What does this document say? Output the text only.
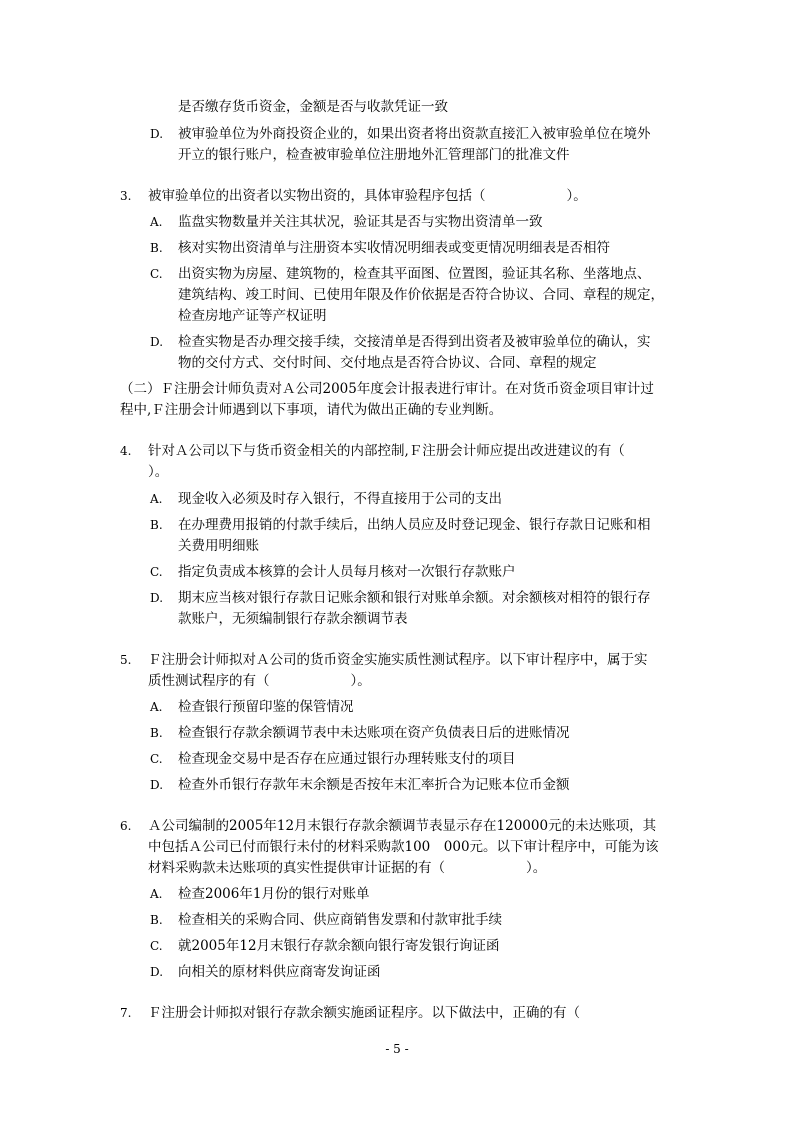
是否缴存货币资金，金额是否与收款凭证一致
D. 被审验单位为外商投资企业的，如果出资者将出资款直接汇入被审验单位在境外
开立的银行账户，检查被审验单位注册地外汇管理部门的批准文件
3. 被审验单位的出资者以实物出资的，具体审验程序包括（　　　　　　）。
A. 监盘实物数量并关注其状况，验证其是否与实物出资清单一致
B. 核对实物出资清单与注册资本实收情况明细表或变更情况明细表是否相符
C. 出资实物为房屋、建筑物的，检查其平面图、位置图，验证其名称、坐落地点、
建筑结构、竣工时间、已使用年限及作价依据是否符合协议、合同、章程的规定，
检查房地产证等产权证明
D. 检查实物是否办理交接手续，交接清单是否得到出资者及被审验单位的确认，实
物的交付方式、交付时间、交付地点是否符合协议、合同、章程的规定
（二）Ｆ注册会计师负责对Ａ公司2005年度会计报表进行审计。在对货币资金项目审计过
程中,Ｆ注册会计师遇到以下事项，请代为做出正确的专业判断。
4. 针对Ａ公司以下与货币资金相关的内部控制,Ｆ注册会计师应提出改进建议的有（
）。
A. 现金收入必须及时存入银行，不得直接用于公司的支出
B. 在办理费用报销的付款手续后，出纳人员应及时登记现金、银行存款日记账和相
关费用明细账
C. 指定负责成本核算的会计人员每月核对一次银行存款账户
D. 期末应当核对银行存款日记账余额和银行对账单余额。对余额核对相符的银行存
款账户，无须编制银行存款余额调节表
5. Ｆ注册会计师拟对Ａ公司的货币资金实施实质性测试程序。以下审计程序中，属于实
质性测试程序的有（　　　　　　）。
A. 检查银行预留印鉴的保管情况
B. 检查银行存款余额调节表中未达账项在资产负债表日后的进账情况
C. 检查现金交易中是否存在应通过银行办理转账支付的项目
D. 检查外币银行存款年末余额是否按年末汇率折合为记账本位币金额
6. Ａ公司编制的2005年12月末银行存款余额调节表显示存在120000元的未达账项，其
中包括Ａ公司已付而银行未付的材料采购款100　000元。以下审计程序中，可能为该
材料采购款未达账项的真实性提供审计证据的有（　　　　　　）。
A. 检查2006年1月份的银行对账单
B. 检查相关的采购合同、供应商销售发票和付款审批手续
C. 就2005年12月末银行存款余额向银行寄发银行询证函
D. 向相关的原材料供应商寄发询证函
7. Ｆ注册会计师拟对银行存款余额实施函证程序。以下做法中，正确的有（
- 5 -
